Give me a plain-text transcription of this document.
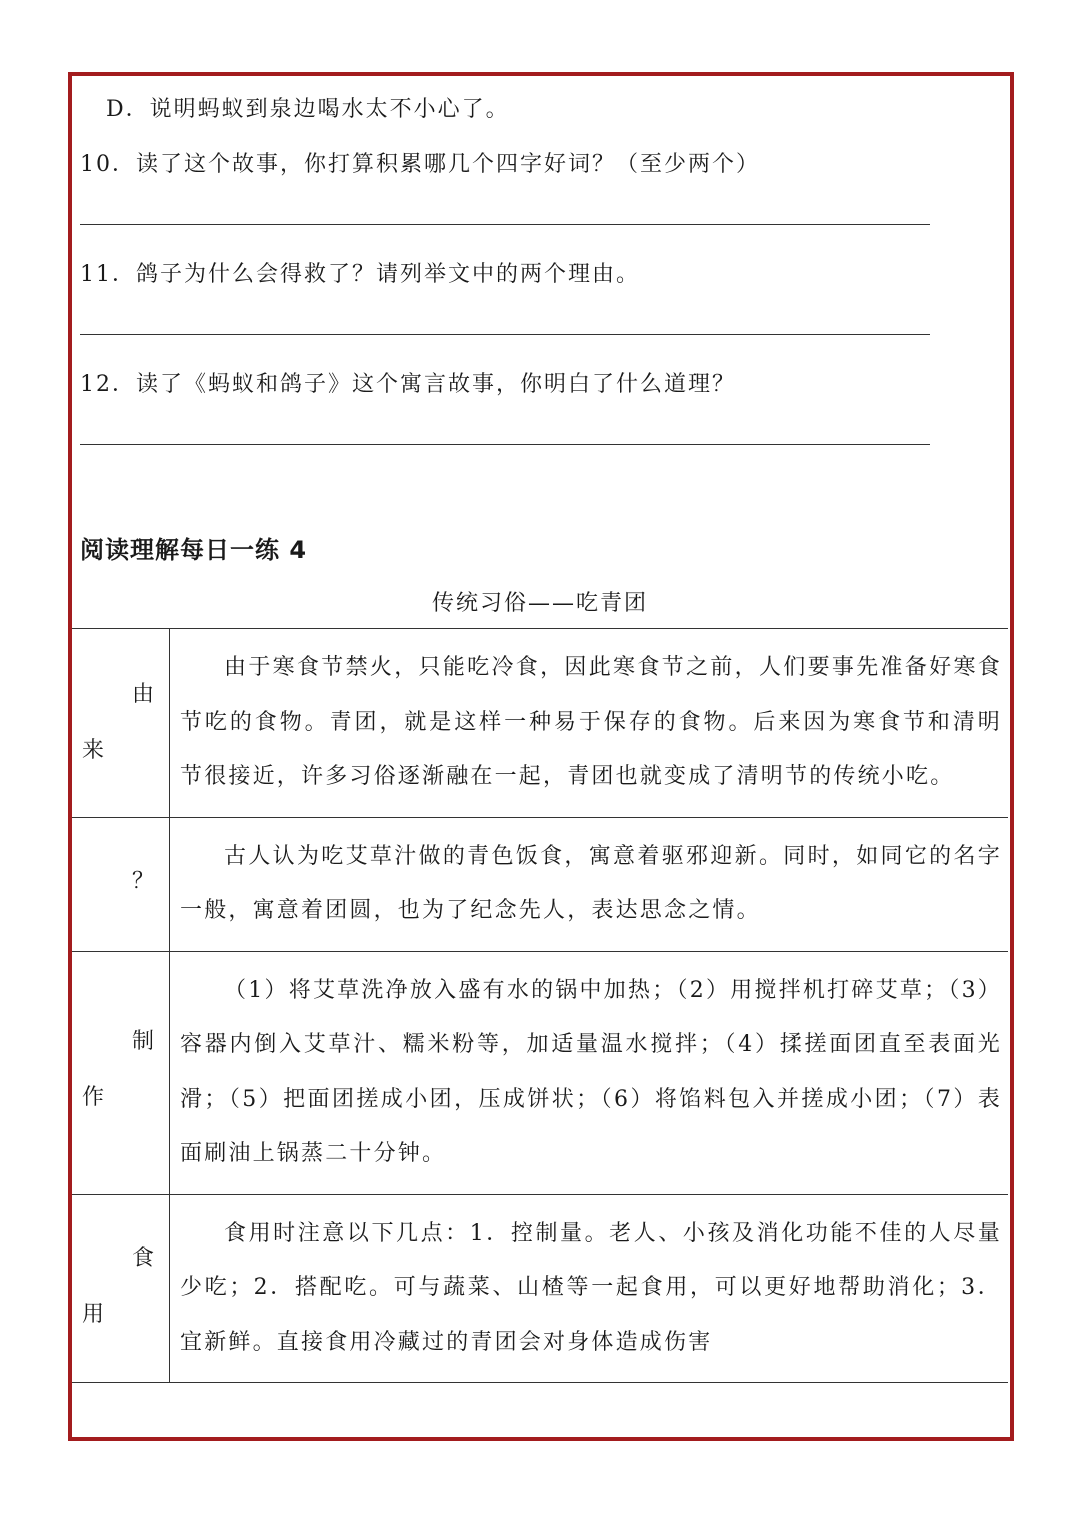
D．说明蚂蚁到泉边喝水太不小心了。
10．读了这个故事，你打算积累哪几个四字好词？（至少两个）
11．鸽子为什么会得救了？请列举文中的两个理由。
12．读了《蚂蚁和鸽子》这个寓言故事，你明白了什么道理？
阅读理解每日一练 4
传统习俗——吃青团
由
来	由于寒食节禁火，只能吃冷食，因此寒食节之前，人们要事先准备好寒食节吃的食物。青团，就是这样一种易于保存的食物。后来因为寒食节和清明节很接近，许多习俗逐渐融在一起，青团也就变成了清明节的传统小吃。

？	古人认为吃艾草汁做的青色饭食，寓意着驱邪迎新。同时，如同它的名字一般，寓意着团圆，也为了纪念先人，表达思念之情。

制
作	（1）将艾草洗净放入盛有水的锅中加热；（2）用搅拌机打碎艾草；（3）容器内倒入艾草汁、糯米粉等，加适量温水搅拌；（4）揉搓面团直至表面光滑；（5）把面团搓成小团，压成饼状；（6）将馅料包入并搓成小团；（7）表面刷油上锅蒸二十分钟。

食
用	食用时注意以下几点：1．控制量。老人、小孩及消化功能不佳的人尽量少吃；2．搭配吃。可与蔬菜、山楂等一起食用，可以更好地帮助消化；3．宜新鲜。直接食用冷藏过的青团会对身体造成伤害
